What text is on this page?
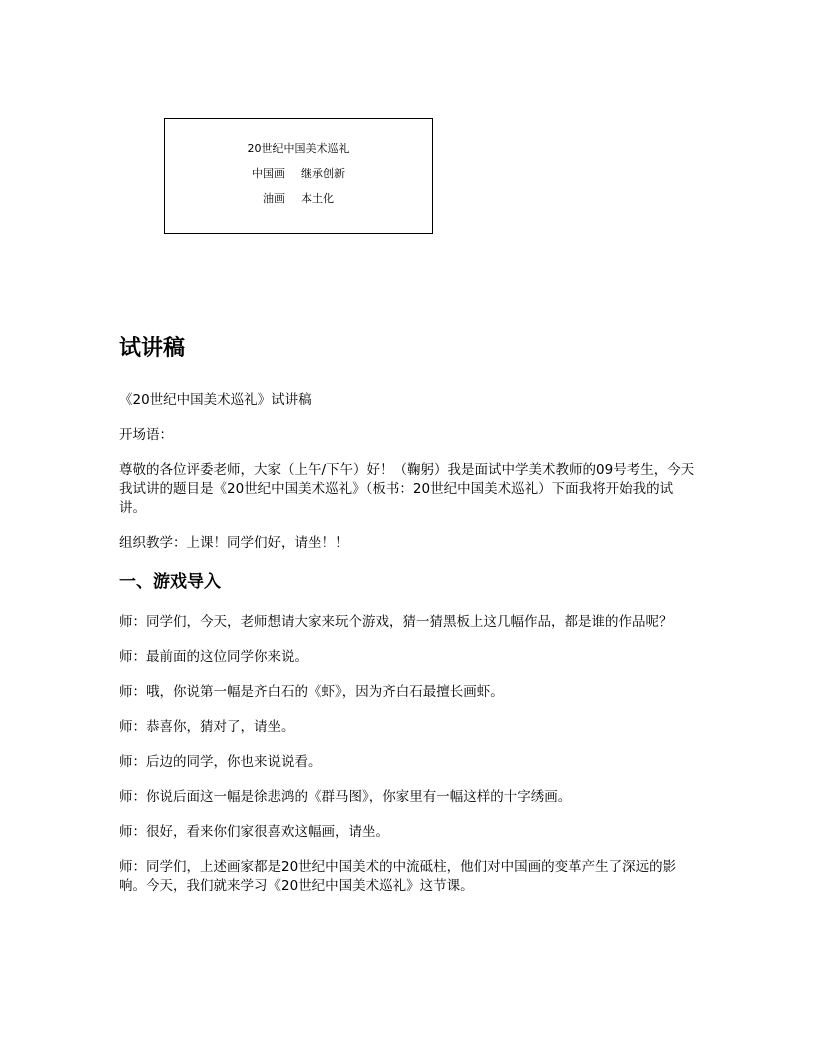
20世纪中国美术巡礼
中国画 继承创新
油画 本土化
试讲稿

《20世纪中国美术巡礼》试讲稿

开场语：

尊敬的各位评委老师，大家（上午/下午）好！（鞠躬）我是面试中学美术教师的09号考生，今天我试讲的题目是《20世纪中国美术巡礼》（板书：20世纪中国美术巡礼）下面我将开始我的试讲。

组织教学：上课！同学们好，请坐！！

一、游戏导入

师：同学们，今天，老师想请大家来玩个游戏，猜一猜黑板上这几幅作品，都是谁的作品呢？

师：最前面的这位同学你来说。

师：哦，你说第一幅是齐白石的《虾》，因为齐白石最擅长画虾。

师：恭喜你，猜对了，请坐。

师：后边的同学，你也来说说看。

师：你说后面这一幅是徐悲鸿的《群马图》，你家里有一幅这样的十字绣画。

师：很好，看来你们家很喜欢这幅画，请坐。

师：同学们，上述画家都是20世纪中国美术的中流砥柱，他们对中国画的变革产生了深远的影响。今天，我们就来学习《20世纪中国美术巡礼》这节课。
